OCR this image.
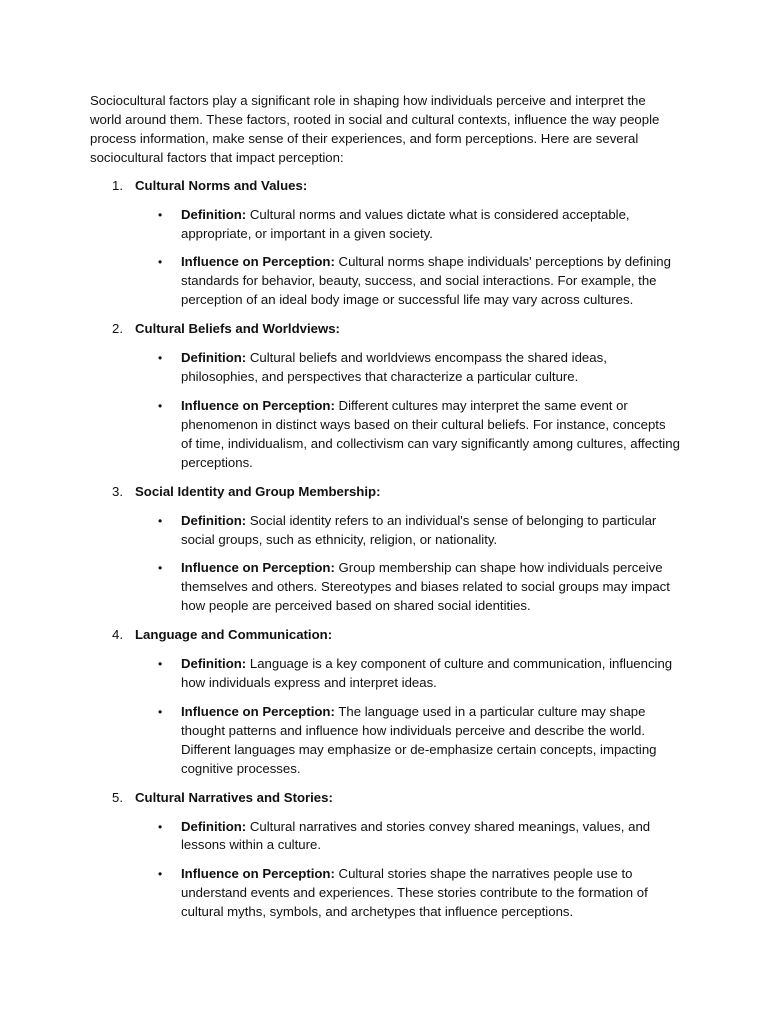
Sociocultural factors play a significant role in shaping how individuals perceive and interpret the world around them. These factors, rooted in social and cultural contexts, influence the way people process information, make sense of their experiences, and form perceptions. Here are several sociocultural factors that impact perception:

1. Cultural Norms and Values:
• Definition: Cultural norms and values dictate what is considered acceptable, appropriate, or important in a given society.
• Influence on Perception: Cultural norms shape individuals' perceptions by defining standards for behavior, beauty, success, and social interactions. For example, the perception of an ideal body image or successful life may vary across cultures.
2. Cultural Beliefs and Worldviews:
• Definition: Cultural beliefs and worldviews encompass the shared ideas, philosophies, and perspectives that characterize a particular culture.
• Influence on Perception: Different cultures may interpret the same event or phenomenon in distinct ways based on their cultural beliefs. For instance, concepts of time, individualism, and collectivism can vary significantly among cultures, affecting perceptions.
3. Social Identity and Group Membership:
• Definition: Social identity refers to an individual's sense of belonging to particular social groups, such as ethnicity, religion, or nationality.
• Influence on Perception: Group membership can shape how individuals perceive themselves and others. Stereotypes and biases related to social groups may impact how people are perceived based on shared social identities.
4. Language and Communication:
• Definition: Language is a key component of culture and communication, influencing how individuals express and interpret ideas.
• Influence on Perception: The language used in a particular culture may shape thought patterns and influence how individuals perceive and describe the world. Different languages may emphasize or de-emphasize certain concepts, impacting cognitive processes.
5. Cultural Narratives and Stories:
• Definition: Cultural narratives and stories convey shared meanings, values, and lessons within a culture.
• Influence on Perception: Cultural stories shape the narratives people use to understand events and experiences. These stories contribute to the formation of cultural myths, symbols, and archetypes that influence perceptions.
